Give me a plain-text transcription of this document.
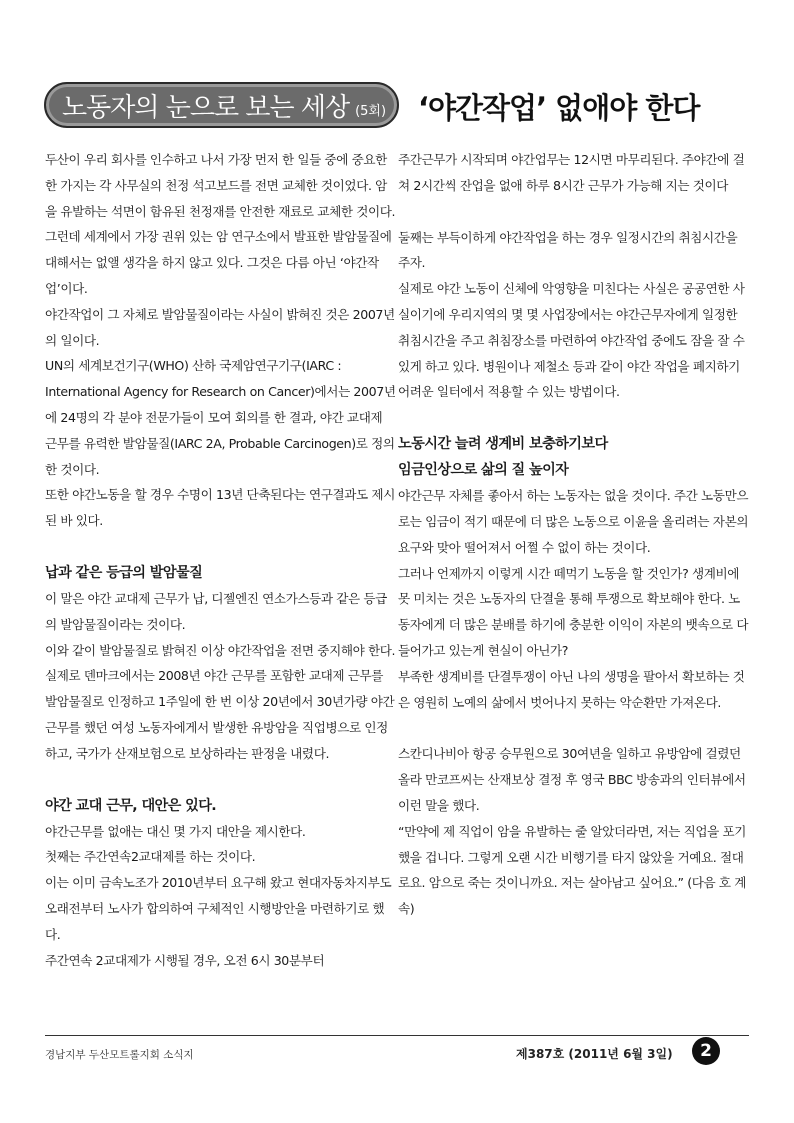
노동자의 눈으로 보는 세상 (5회) ‘야간작업’ 없애야 한다

두산이 우리 회사를 인수하고 나서 가장 먼저 한 일들 중에 중요한 한 가지는 각 사무실의 천정 석고보드를 전면 교체한 것이었다. 암을 유발하는 석면이 함유된 천정재를 안전한 재료로 교체한 것이다.

그런데 세계에서 가장 권위 있는 암 연구소에서 발표한 발암물질에 대해서는 없앨 생각을 하지 않고 있다. 그것은 다름 아닌 ‘야간작업’이다.

야간작업이 그 자체로 발암물질이라는 사실이 밝혀진 것은 2007년의 일이다.

UN의 세계보건기구(WHO) 산하 국제암연구기구(IARC : International Agency for Research on Cancer)에서는 2007년에 24명의 각 분야 전문가들이 모여 회의를 한 결과, 야간 교대제 근무를 유력한 발암물질(IARC 2A, Probable Carcinogen)로 정의한 것이다.

또한 야간노동을 할 경우 수명이 13년 단축된다는 연구결과도 제시된 바 있다.

납과 같은 등급의 발암물질

이 말은 야간 교대제 근무가 납, 디젤엔진 연소가스등과 같은 등급의 발암물질이라는 것이다.

이와 같이 발암물질로 밝혀진 이상 야간작업을 전면 중지해야 한다.

실제로 덴마크에서는 2008년 야간 근무를 포함한 교대제 근무를 발암물질로 인정하고 1주일에 한 번 이상 20년에서 30년가량 야간근무를 했던 여성 노동자에게서 발생한 유방암을 직업병으로 인정하고, 국가가 산재보험으로 보상하라는 판정을 내렸다.

야간 교대 근무, 대안은 있다.

야간근무를 없애는 대신 몇 가지 대안을 제시한다.

첫째는 주간연속2교대제를 하는 것이다.

이는 이미 금속노조가 2010년부터 요구해 왔고 현대자동차지부도 오래전부터 노사가 합의하여 구체적인 시행방안을 마련하기로 했다.

주간연속 2교대제가 시행될 경우, 오전 6시 30분부터

주간근무가 시작되며 야간업무는 12시면 마무리된다. 주야간에 걸쳐 2시간씩 잔업을 없애 하루 8시간 근무가 가능해 지는 것이다

둘째는 부득이하게 야간작업을 하는 경우 일정시간의 취침시간을 주자.

실제로 야간 노동이 신체에 악영향을 미친다는 사실은 공공연한 사실이기에 우리지역의 몇 몇 사업장에서는 야간근무자에게 일정한 취침시간을 주고 취침장소를 마련하여 야간작업 중에도 잠을 잘 수 있게 하고 있다. 병원이나 제철소 등과 같이 야간 작업을 폐지하기 어려운 일터에서 적용할 수 있는 방법이다.

노동시간 늘려 생계비 보충하기보다

임금인상으로 삶의 질 높이자

야간근무 자체를 좋아서 하는 노동자는 없을 것이다. 주간 노동만으로는 임금이 적기 때문에 더 많은 노동으로 이윤을 올리려는 자본의 요구와 맞아 떨어져서 어쩔 수 없이 하는 것이다.

그러나 언제까지 이렇게 시간 떼먹기 노동을 할 것인가? 생계비에 못 미치는 것은 노동자의 단결을 통해 투쟁으로 확보해야 한다. 노동자에게 더 많은 분배를 하기에 충분한 이익이 자본의 뱃속으로 다 들어가고 있는게 현실이 아닌가?

부족한 생계비를 단결투쟁이 아닌 나의 생명을 팔아서 확보하는 것은 영원히 노예의 삶에서 벗어나지 못하는 악순환만 가져온다.

스칸디나비아 항공 승무원으로 30여년을 일하고 유방암에 걸렸던 올라 만코프씨는 산재보상 결정 후 영국 BBC 방송과의 인터뷰에서 이런 말을 했다.

“만약에 제 직업이 암을 유발하는 줄 알았더라면, 저는 직업을 포기했을 겁니다. 그렇게 오랜 시간 비행기를 타지 않았을 거예요. 절대로요. 암으로 죽는 것이니까요. 저는 살아남고 싶어요.” (다음 호 계속)

경남지부 두산모트롤지회 소식지	제387호 (2011년 6월 3일)	2
